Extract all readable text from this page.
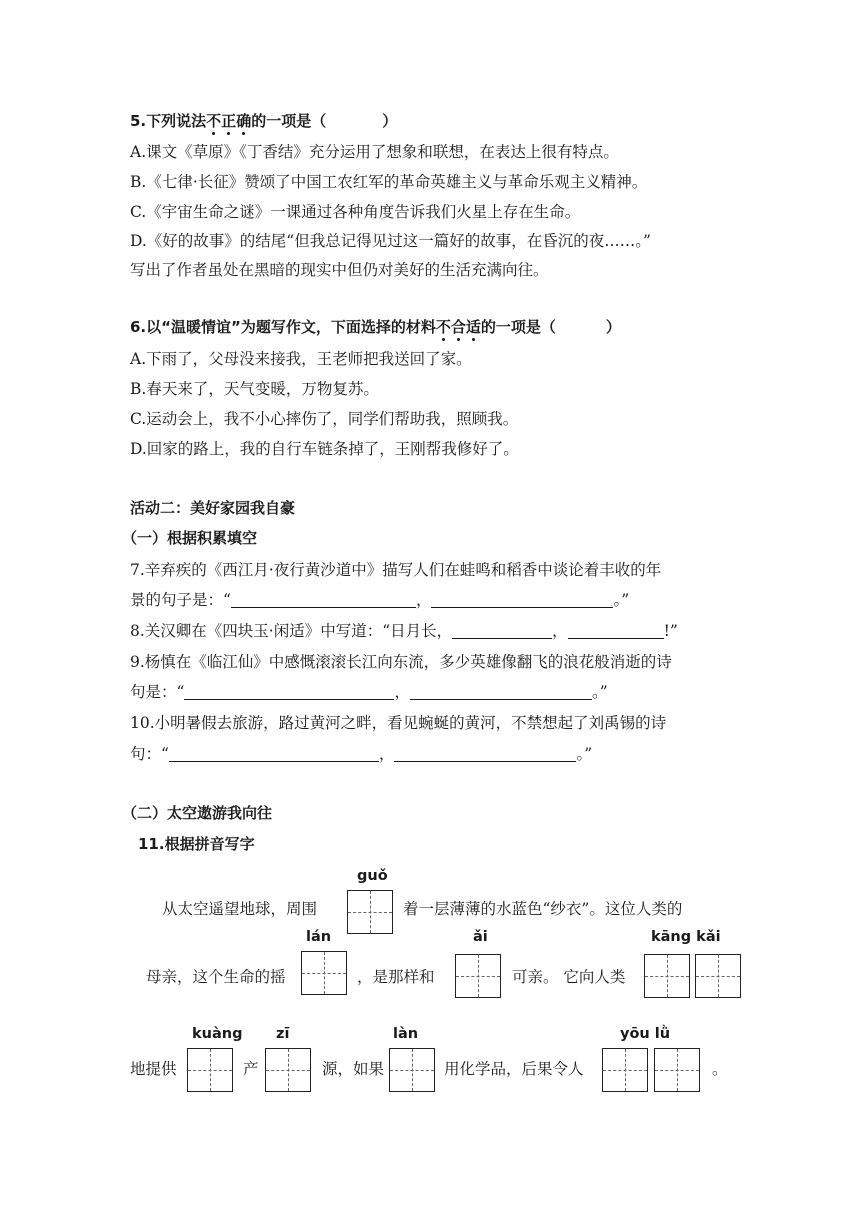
5.下列说法不正确的一项是（	）
A.课文《草原》《丁香结》充分运用了想象和联想，在表达上很有特点。
B.《七律·长征》赞颂了中国工农红军的革命英雄主义与革命乐观主义精神。
C.《宇宙生命之谜》一课通过各种角度告诉我们火星上存在生命。
D.《好的故事》的结尾“但我总记得见过这一篇好的故事，在昏沉的夜……。”
写出了作者虽处在黑暗的现实中但仍对美好的生活充满向往。
6.以“温暖情谊”为题写作文，下面选择的材料不合适的一项是（	）
A.下雨了，父母没来接我，王老师把我送回了家。
B.春天来了，天气变暖，万物复苏。
C.运动会上，我不小心摔伤了，同学们帮助我，照顾我。
D.回家的路上，我的自行车链条掉了，王刚帮我修好了。
活动二：美好家园我自豪
（一）根据积累填空
7.辛弃疾的《西江月·夜行黄沙道中》描写人们在蛙鸣和稻香中谈论着丰收的年
景的句子是：“	，	。”
8.关汉卿在《四块玉·闲适》中写道：“日月长，	，	!”
9.杨慎在《临江仙》中感慨滚滚长江向东流，多少英雄像翻飞的浪花般消逝的诗
句是：“	，	。”
10.小明暑假去旅游，路过黄河之畔，看见蜿蜒的黄河，不禁想起了刘禹锡的诗
句：“	，	。”
（二）太空遨游我向往
11.根据拼音写字
guǒ
lán	ǎi	kāng kǎi
kuàng zī	làn	yōu lǜ
从太空遥望地球，周围	着一层薄薄的水蓝色“纱衣”。这位人类的
母亲，这个生命的摇	，是那样和	可亲。 它向人类
地提供	产	源，如果	用化学品，后果令人	。
